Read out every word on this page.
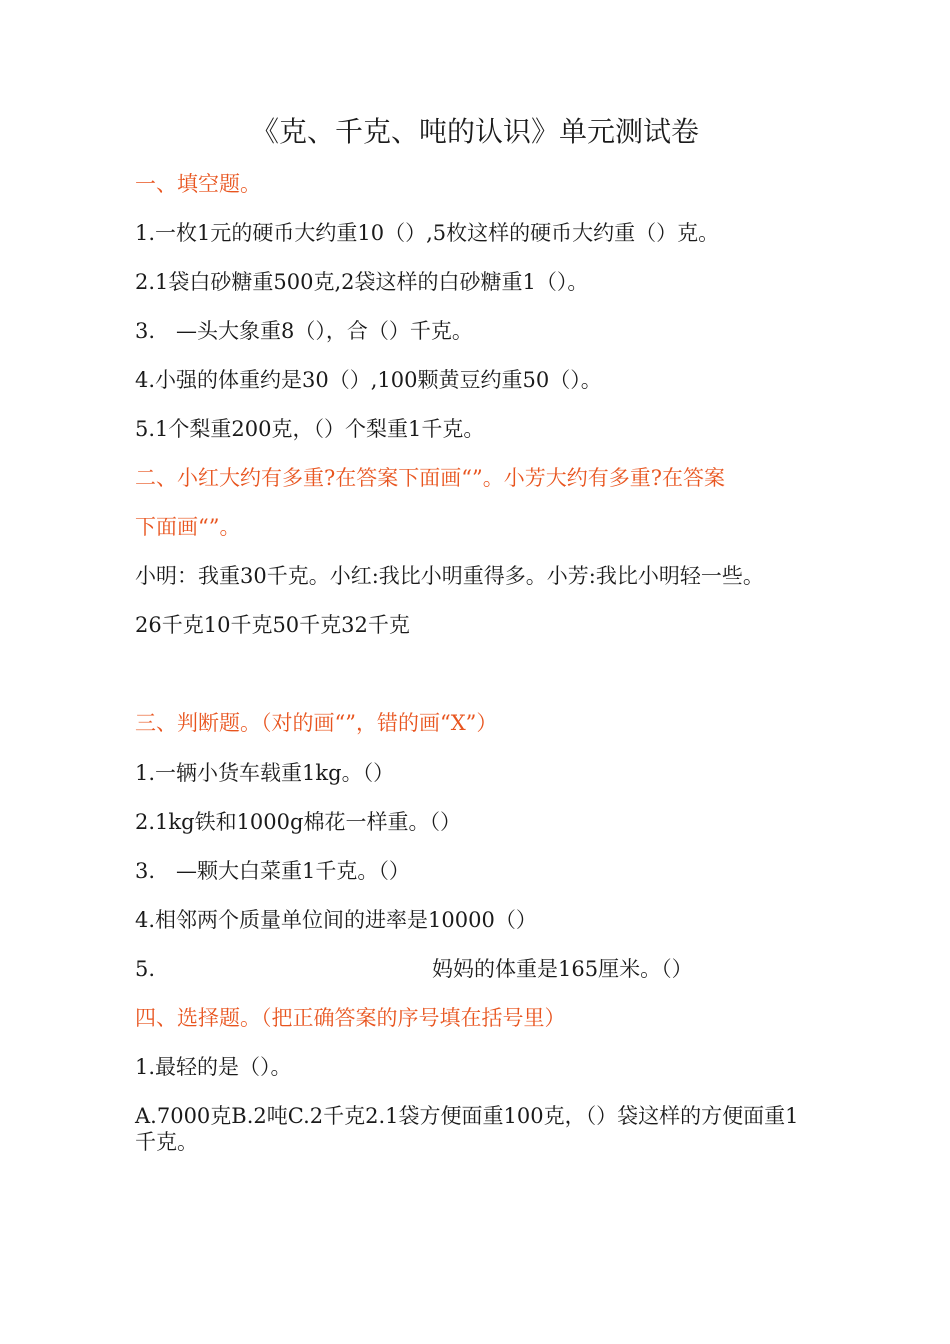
《克、千克、吨的认识》单元测试卷
一、填空题。
1.一枚1元的硬币大约重10（）,5枚这样的硬币大约重（）克。
2.1袋白砂糖重500克,2袋这样的白砂糖重1（）。
3.　—头大象重8（），合（）千克。
4.小强的体重约是30（）,100颗黄豆约重50（）。
5.1个梨重200克，（）个梨重1千克。
二、小红大约有多重?在答案下面画“”。小芳大约有多重?在答案
下面画“”。
小明：我重30千克。小红:我比小明重得多。小芳:我比小明轻一些。
26千克10千克50千克32千克
三、判断题。（对的画“”，错的画“X”）
1.一辆小货车载重1kg。（）
2.1kg铁和1000g棉花一样重。（）
3.　—颗大白菜重1千克。（）
4.相邻两个质量单位间的进率是10000（）
5.	妈妈的体重是165厘米。（）
四、选择题。（把正确答案的序号填在括号里）
1.最轻的是（）。
A.7000克B.2吨C.2千克2.1袋方便面重100克，（）袋这样的方便面重1千克。
